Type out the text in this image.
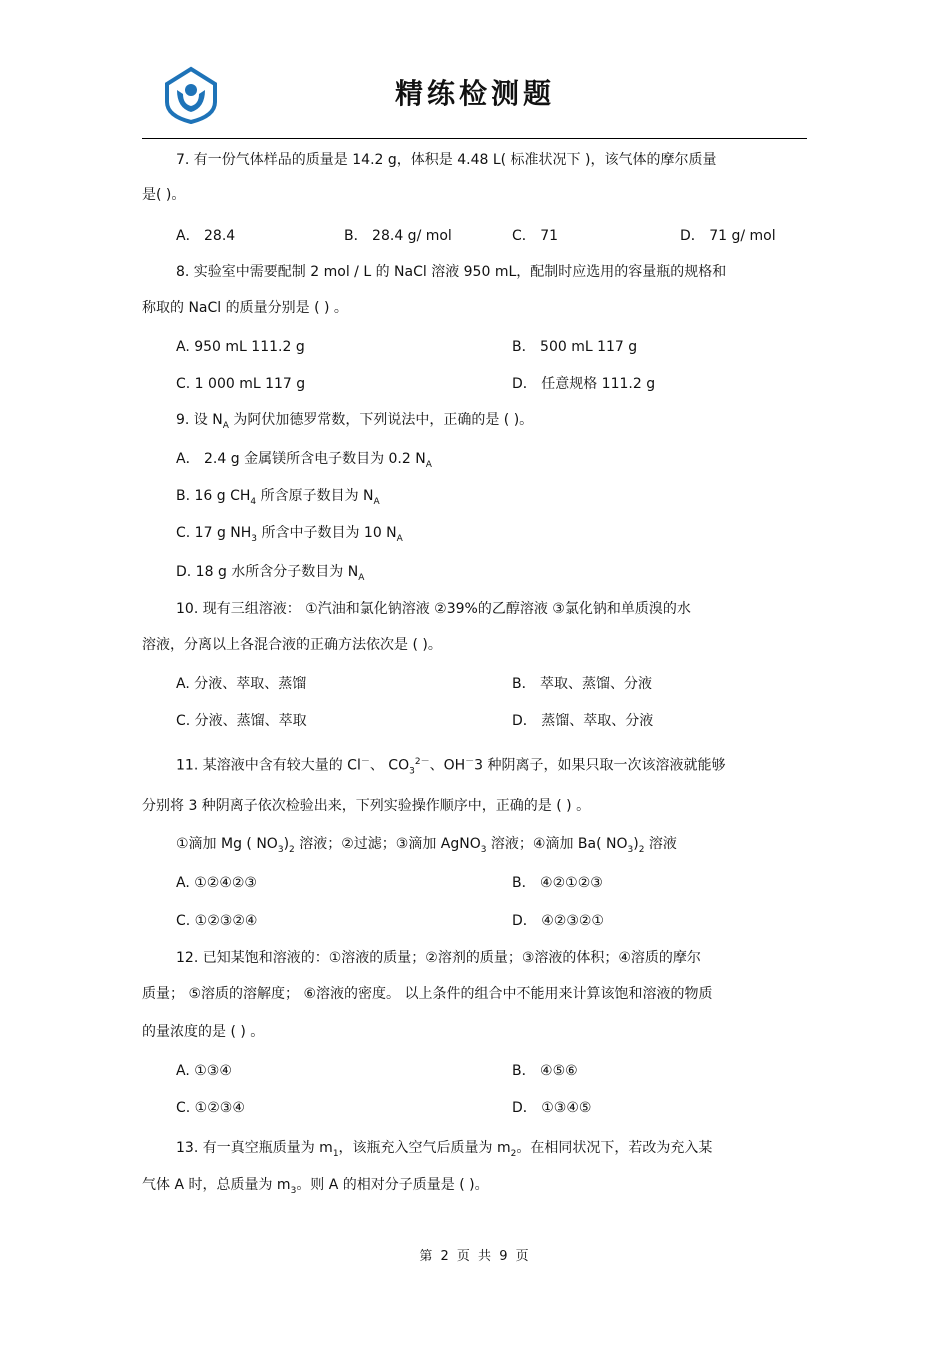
精练检测题
7. 有一份气体样品的质量是 14.2 g，体积是 4.48 L( 标准状况下 )，该气体的摩尔质量
是( )。
A． 28.4	B． 28.4 g/ mol	C． 71	D． 71 g/ mol
8. 实验室中需要配制 2 mol / L 的 NaCl 溶液 950 mL，配制时应选用的容量瓶的规格和
称取的 NaCl 的质量分别是 ( ) 。
A. 950 mL 111.2 g	B． 500 mL 117 g
C. 1 000 mL 117 g	D． 任意规格 111.2 g
9. 设 $N_A$ 为阿伏加德罗常数，下列说法中，正确的是 ( )。
A． 2.4 g 金属镁所含电子数目为 0.2 $N_A$
B. 16 g $CH_4$ 所含原子数目为 $N_A$
C. 17 g $NH_3$ 所含中子数目为 10 $N_A$
D. 18 g 水所含分子数目为 $N_A$
10. 现有三组溶液： ①汽油和氯化钠溶液 ②39%的乙醇溶液 ③氯化钠和单质溴的水
溶液，分离以上各混合液的正确方法依次是 ( )。
A. 分液、萃取、蒸馏	B． 萃取、蒸馏、分液
C. 分液、蒸馏、萃取	D． 蒸馏、萃取、分液
11. 某溶液中含有较大量的 Cl－、 $CO_3^{2-}$、OH－3 种阴离子，如果只取一次该溶液就能够
分别将 3 种阴离子依次检验出来，下列实验操作顺序中，正确的是 ( ) 。
①滴加 Mg ( $NO_3)_2$ 溶液；②过滤；③滴加 AgNO$_3$ 溶液；④滴加 Ba( $NO_3)_2$ 溶液
A. ①②④②③	B． ④②①②③
C. ①②③②④	D． ④②③②①
12. 已知某饱和溶液的：①溶液的质量；②溶剂的质量；③溶液的体积；④溶质的摩尔
质量； ⑤溶质的溶解度； ⑥溶液的密度。 以上条件的组合中不能用来计算该饱和溶液的物质
的量浓度的是 ( ) 。
A. ①③④	B． ④⑤⑥
C. ①②③④	D． ①③④⑤
13. 有一真空瓶质量为 $m_1$，该瓶充入空气后质量为 $m_2$。在相同状况下，若改为充入某
气体 A 时，总质量为 $m_3$。则 A 的相对分子质量是 ( )。
第 2 页 共 9 页
